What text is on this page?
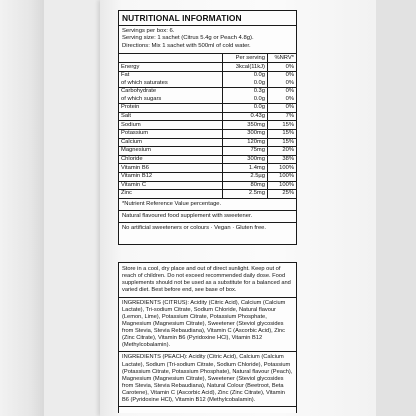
NUTRITIONAL INFORMATION
Servings per box: 6.
Serving size: 1 sachet (Citrus 5.4g or Peach 4.8g).
Directions: Mix 1 sachet with 500ml of cold water.
	Per serving	%NRV*
Energy	3kcal(11kJ)	0%
Fat	0.0g	0%
of which saturates	0.0g	0%
Carbohydrate	0.3g	0%
of which sugars	0.0g	0%
Protein	0.0g	0%
Salt	0.43g	7%
Sodium	350mg	15%
Potassium	300mg	15%
Calcium	120mg	15%
Magnesium	75mg	20%
Chloride	300mg	38%
Vitamin B6	1.4mg	100%
Vitamin B12	2.5µg	100%
Vitamin C	80mg	100%
Zinc	2.5mg	25%
*Nutrient Reference Value percentage.
Natural flavoured food supplement with sweetener.
No artificial sweeteners or colours · Vegan · Gluten free.
Store in a cool, dry place and out of direct sunlight. Keep out of reach of children. Do not exceed recommended daily dose. Food supplements should not be used as a substitute for a balanced and varied diet. Best before end, see base of box.
INGREDIENTS (CITRUS): Acidity (Citric Acid), Calcium (Calcium Lactate), Tri-sodium Citrate, Sodium Chloride, Natural flavour (Lemon, Lime), Potassium Citrate, Potassium Phosphate, Magnesium (Magnesium Citrate), Sweetener (Steviol glycosides from Stevia, Stevia Rebaudiana), Vitamin C (Ascorbic Acid), Zinc (Zinc Citrate), Vitamin B6 (Pyridoxine HCl), Vitamin B12 (Methylcobalamin).
INGREDIENTS (PEACH): Acidity (Citric Acid), Calcium (Calcium Lactate), Sodium (Tri-sodium Citrate, Sodium Chloride), Potassium (Potassium Citrate, Potassium Phosphate), Natural flavour (Peach), Magnesium (Magnesium Citrate), Sweetener (Steviol glycosides from Stevia, Stevia Rebaudiana), Natural Colour (Beetroot, Beta Carotene), Vitamin C (Ascorbic Acid), Zinc (Zinc Citrate), Vitamin B6 (Pyridoxine HCl), Vitamin B12 (Methylcobalamin).
